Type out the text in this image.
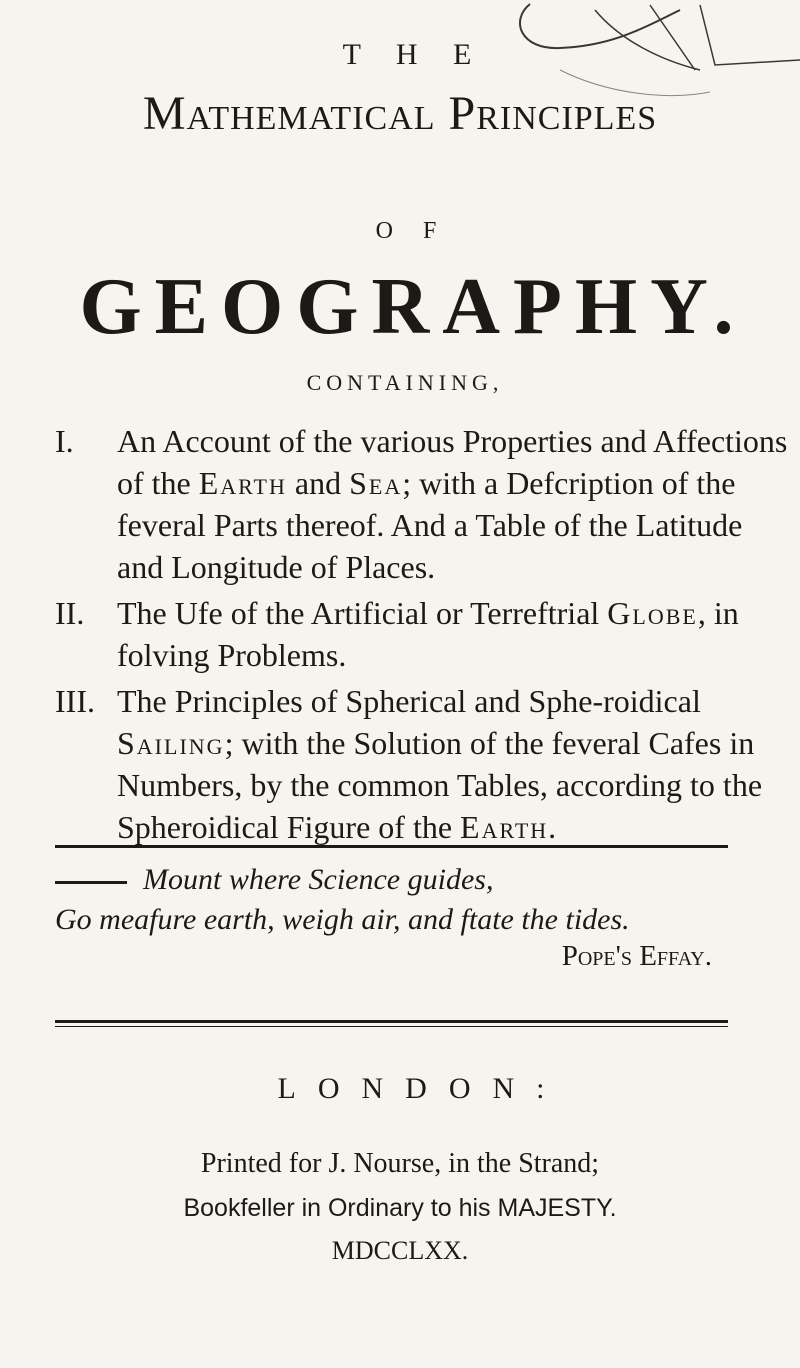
T H E
Mathematical Principles
O F
GEOGRAPHY.
CONTAINING,
I.	An Account of the various Properties and Affections of the Earth and Sea; with a Defcription of the feveral Parts thereof. And a Table of the Latitude and Longitude of Places.
II.	The Ufe of the Artificial or Terreftrial Globe, in folving Problems.
III. The Principles of Spherical and Sphe-roidical Sailing; with the Solution of the feveral Cafes in Numbers, by the common Tables, according to the Spheroidical Figure of the Earth.
Mount where Science guides,
Go meafure earth, weigh air, and ftate the tides.
Pope's Effay.
LONDON:
Printed for J. Nourse, in the Strand;
Bookfeller in Ordinary to his MAJESTY.
MDCCLXX.
